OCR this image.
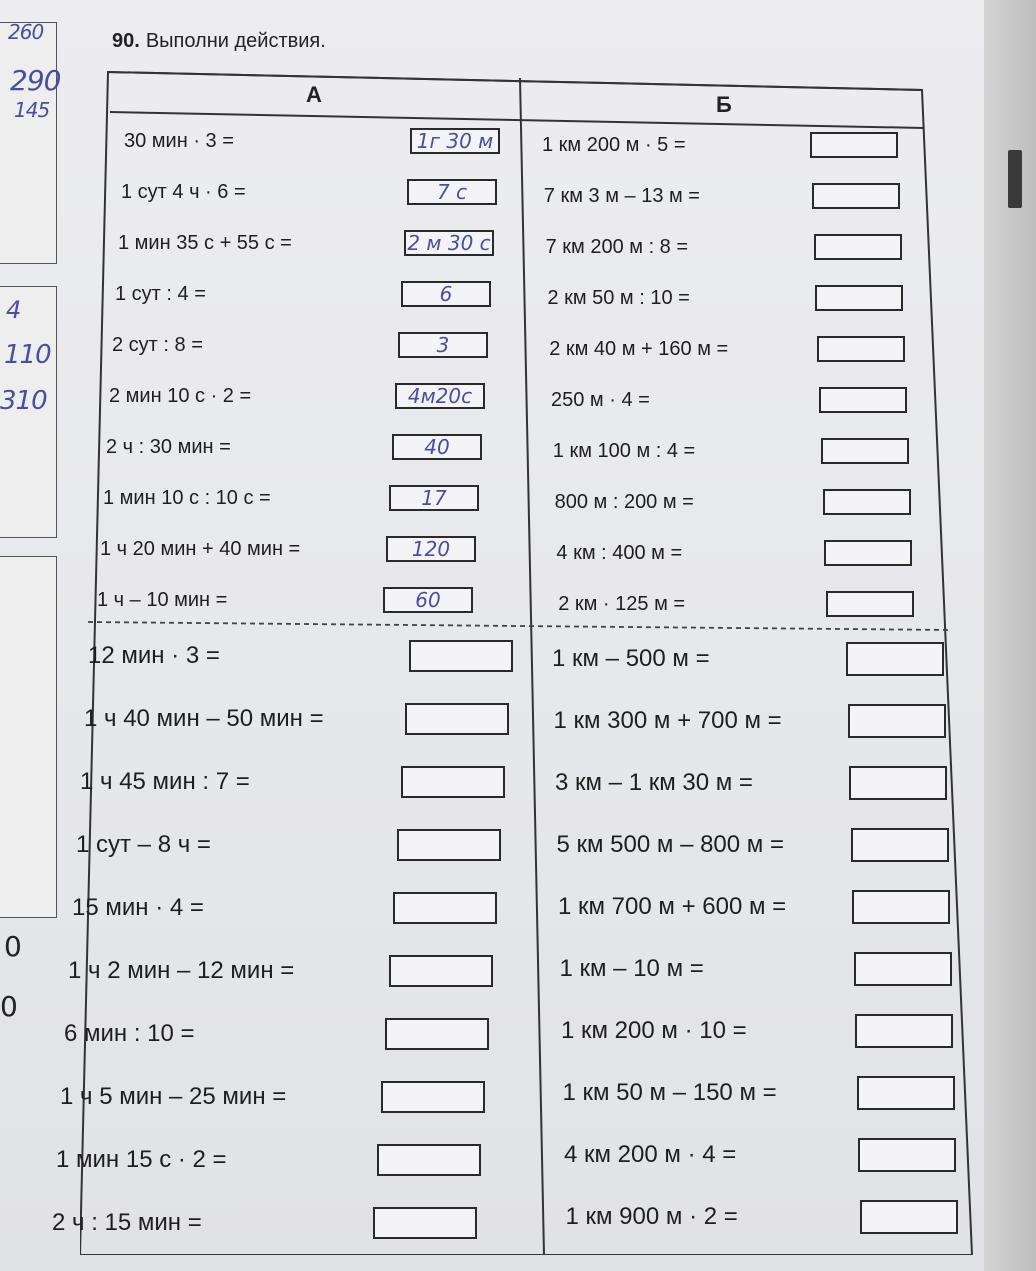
260
290
145
4
110
310
0
0
90. Выполни действия.
А	Б
30 мин · 3 =	1г 30 м
1 сут 4 ч · 6 =	7 с
1 мин 35 с + 55 с =	2 м 30 с
1 сут : 4 =	6
2 сут : 8 =	3
2 мин 10 с · 2 =	4м20с
2 ч : 30 мин =	40
1 мин 10 с : 10 с =	17
1 ч 20 мин + 40 мин =	120
1 ч – 10 мин =	60
1 км 200 м · 5 =
7 км 3 м – 13 м =
7 км 200 м : 8 =
2 км 50 м : 10 =
2 км 40 м + 160 м =
250 м · 4 =
1 км 100 м : 4 =
800 м : 200 м =
4 км : 400 м =
2 км · 125 м =
12 мин · 3 =
1 ч 40 мин – 50 мин =
1 ч 45 мин : 7 =
1 сут – 8 ч =
15 мин · 4 =
1 ч 2 мин – 12 мин =
6 мин : 10 =
1 ч 5 мин – 25 мин =
1 мин 15 с · 2 =
2 ч : 15 мин =
1 км – 500 м =
1 км 300 м + 700 м =
3 км – 1 км 30 м =
5 км 500 м – 800 м =
1 км 700 м + 600 м =
1 км – 10 м =
1 км 200 м · 10 =
1 км 50 м – 150 м =
4 км 200 м · 4 =
1 км 900 м · 2 =
